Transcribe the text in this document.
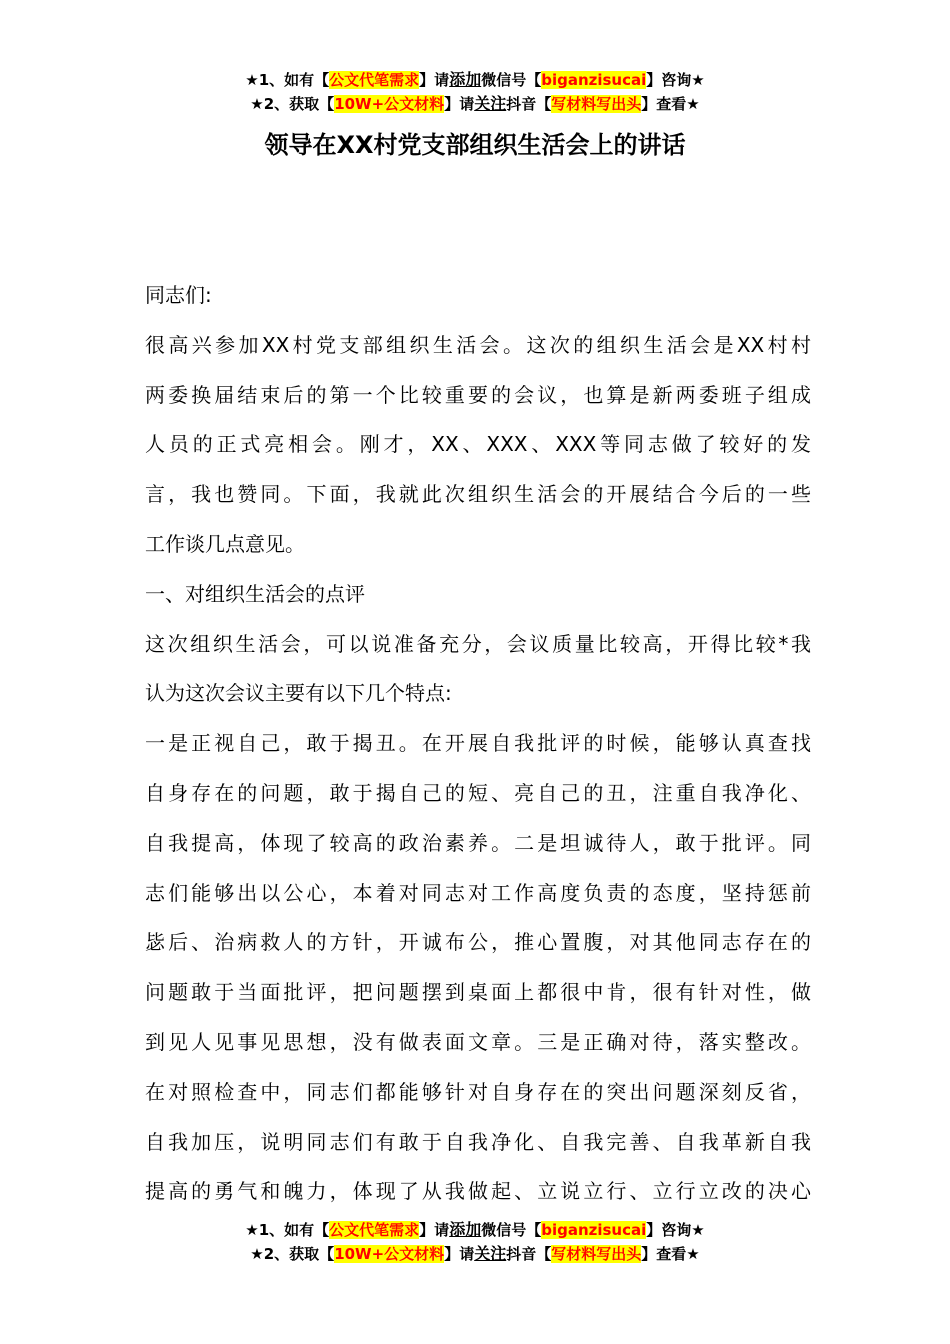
★1、如有【公文代笔需求】请添加微信号【biganzisucai】咨询★
★2、获取【10W+公文材料】请关注抖音【写材料写出头】查看★
领导在XX村党支部组织生活会上的讲话
同志们:
很高兴参加XX村党支部组织生活会。这次的组织生活会是XX村村
两委换届结束后的第一个比较重要的会议，也算是新两委班子组成
人员的正式亮相会。刚才，XX、XXX、XXX等同志做了较好的发
言，我也赞同。下面，我就此次组织生活会的开展结合今后的一些
工作谈几点意见。
一、对组织生活会的点评
这次组织生活会，可以说准备充分，会议质量比较高，开得比较*我
认为这次会议主要有以下几个特点:
一是正视自己，敢于揭丑。在开展自我批评的时候，能够认真查找
自身存在的问题，敢于揭自己的短、亮自己的丑，注重自我净化、
自我提高，体现了较高的政治素养。二是坦诚待人，敢于批评。同
志们能够出以公心，本着对同志对工作高度负责的态度，坚持惩前
毖后、治病救人的方针，开诚布公，推心置腹，对其他同志存在的
问题敢于当面批评，把问题摆到桌面上都很中肯，很有针对性，做
到见人见事见思想，没有做表面文章。三是正确对待，落实整改。
在对照检查中，同志们都能够针对自身存在的突出问题深刻反省，
自我加压，说明同志们有敢于自我净化、自我完善、自我革新自我
提高的勇气和魄力，体现了从我做起、立说立行、立行立改的决心
★1、如有【公文代笔需求】请添加微信号【biganzisucai】咨询★
★2、获取【10W+公文材料】请关注抖音【写材料写出头】查看★
